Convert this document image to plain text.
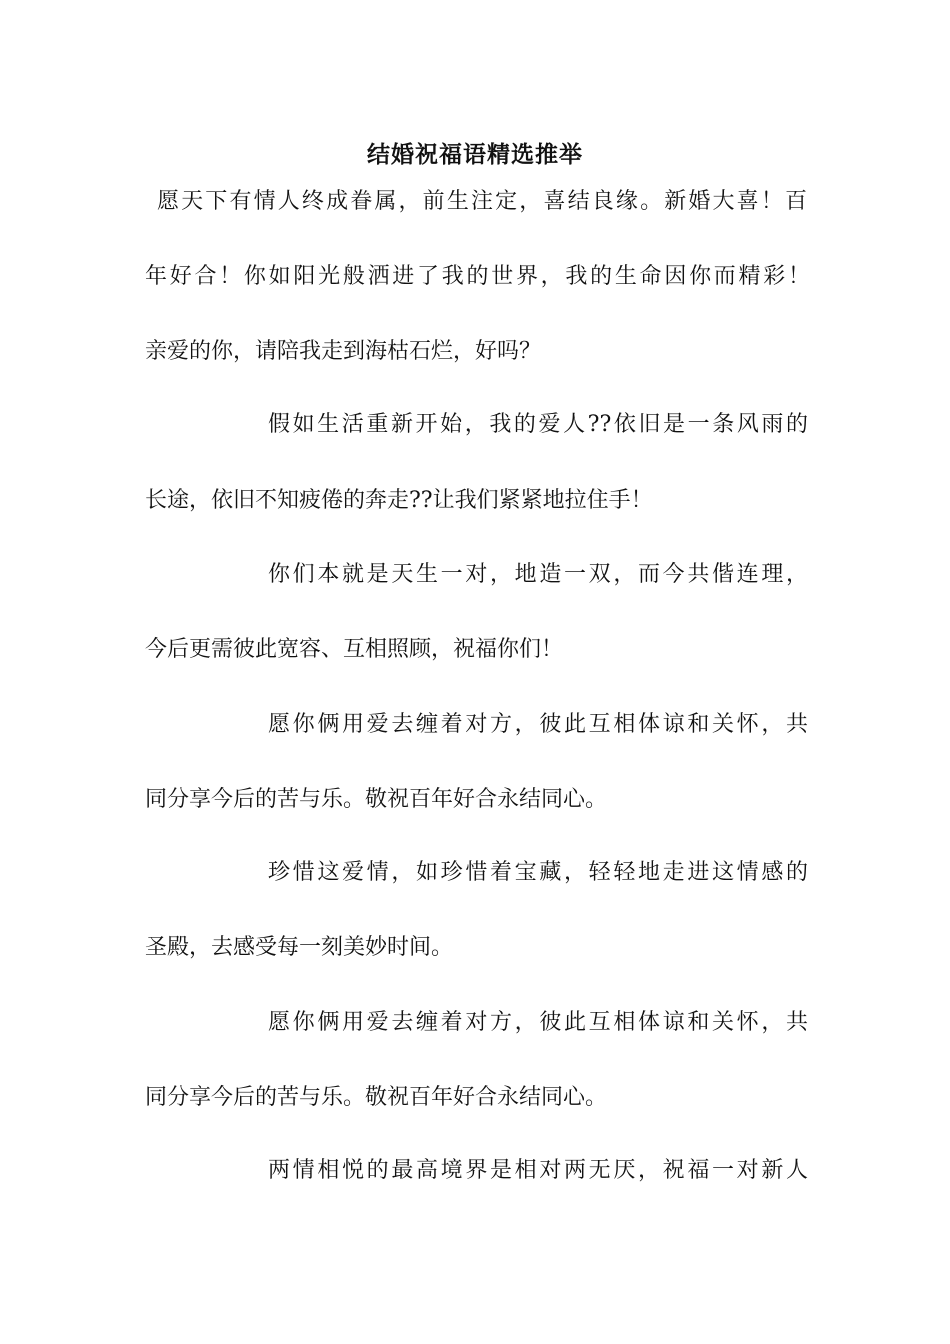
结婚祝福语精选推举
愿天下有情人终成眷属，前生注定，喜结良缘。新婚大喜！百
年好合！你如阳光般洒进了我的世界，我的生命因你而精彩！
亲爱的你，请陪我走到海枯石烂，好吗？
假如生活重新开始，我的爱人??依旧是一条风雨的
长途，依旧不知疲倦的奔走??让我们紧紧地拉住手！
你们本就是天生一对，地造一双，而今共偕连理，
今后更需彼此宽容、互相照顾，祝福你们！
愿你俩用爱去缠着对方，彼此互相体谅和关怀，共
同分享今后的苦与乐。敬祝百年好合永结同心。
珍惜这爱情，如珍惜着宝藏，轻轻地走进这情感的
圣殿，去感受每一刻美妙时间。
愿你俩用爱去缠着对方，彼此互相体谅和关怀，共
同分享今后的苦与乐。敬祝百年好合永结同心。
两情相悦的最高境界是相对两无厌，祝福一对新人
